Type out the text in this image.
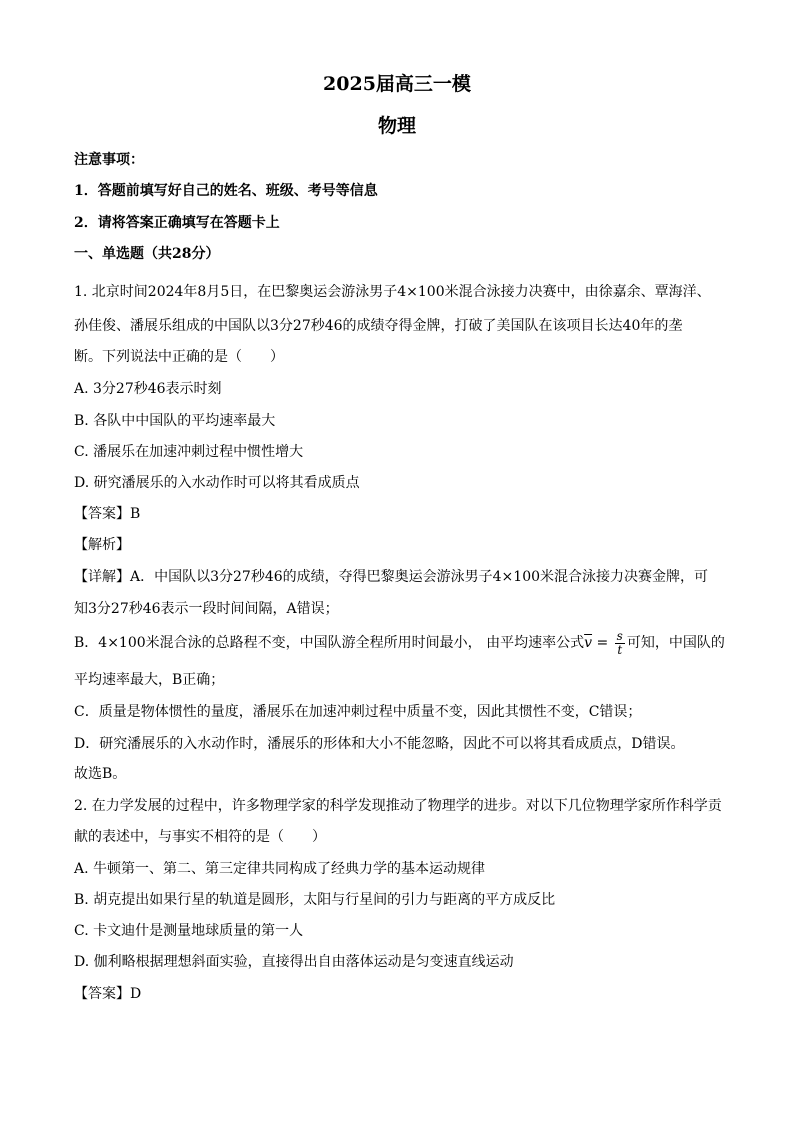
2025届高三一模
物理
注意事项：
1．答题前填写好自己的姓名、班级、考号等信息
2．请将答案正确填写在答题卡上
一、单选题（共28分）
1. 北京时间2024年8月5日，在巴黎奥运会游泳男子4×100米混合泳接力决赛中，由徐嘉余、覃海洋、
孙佳俊、潘展乐组成的中国队以3分27秒46的成绩夺得金牌，打破了美国队在该项目长达40年的垄
断。下列说法中正确的是（　　）
A. 3分27秒46表示时刻
B. 各队中中国队的平均速率最大
C. 潘展乐在加速冲刺过程中惯性增大
D. 研究潘展乐的入水动作时可以将其看成质点
【答案】B
【解析】
【详解】A．中国队以3分27秒46的成绩，夺得巴黎奥运会游泳男子4×100米混合泳接力决赛金牌，可
知3分27秒46表示一段时间间隔，A错误；
B．4×100米混合泳的总路程不变，中国队游全程所用时间最小， 由平均速率公式$\overline{v} = \frac{s}{t}$ 可知，中国队的
平均速率最大，B正确；
C．质量是物体惯性的量度，潘展乐在加速冲刺过程中质量不变，因此其惯性不变，C错误；
D．研究潘展乐的入水动作时，潘展乐的形体和大小不能忽略，因此不可以将其看成质点，D错误。
故选B。
2. 在力学发展的过程中，许多物理学家的科学发现推动了物理学的进步。对以下几位物理学家所作科学贡
献的表述中，与事实不相符的是（　　）
A. 牛顿第一、第二、第三定律共同构成了经典力学的基本运动规律
B. 胡克提出如果行星的轨道是圆形，太阳与行星间的引力与距离的平方成反比
C. 卡文迪什是测量地球质量的第一人
D. 伽利略根据理想斜面实验，直接得出自由落体运动是匀变速直线运动
【答案】D
